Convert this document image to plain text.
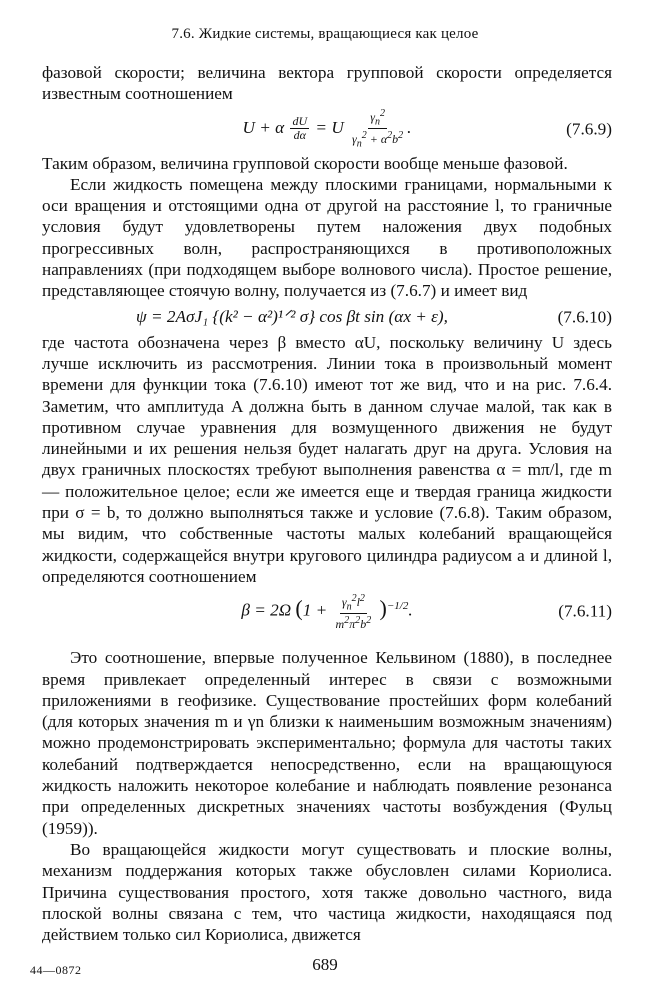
7.6. Жидкие системы, вращающиеся как целое

фазовой скорости; величина вектора групповой скорости определяется известным соотношением

U + α $\frac{dU}{d\alpha} = U \frac{\gamma_n^2}{\gamma_n^2 + \alpha^2b^2}$ .	(7.6.9)

Таким образом, величина групповой скорости вообще меньше фазовой.

Если жидкость помещена между плоскими границами, нормальными к оси вращения и отстоящими одна от другой на расстояние l, то граничные условия будут удовлетворены путем наложения двух подобных прогрессивных волн, распространяющихся в противоположных направлениях (при подходящем выборе волнового числа). Простое решение, представляющее стоячую волну, получается из (7.6.7) и имеет вид

ψ = 2AσJ₁ {(k² − α²)¹ᐟ² σ} cos βt sin (αx + ε),	(7.6.10)

где частота обозначена через β вместо αU, поскольку величину U здесь лучше исключить из рассмотрения. Линии тока в произвольный момент времени для функции тока (7.6.10) имеют тот же вид, что и на рис. 7.6.4. Заметим, что амплитуда A должна быть в данном случае малой, так как в противном случае уравнения для возмущенного движения не будут линейными и их решения нельзя будет налагать друг на друга. Условия на двух граничных плоскостях требуют выполнения равенства α = mπ/l, где m — положительное целое; если же имеется еще и твердая граница жидкости при σ = b, то должно выполняться также и условие (7.6.8). Таким образом, мы видим, что собственные частоты малых колебаний вращающейся жидкости, содержащейся внутри кругового цилиндра радиусом a и длиной l, определяются соотношением

β = 2Ω $(1 + \frac{\gamma_n^2l^2}{m^2\pi^2b^2} )^{-1/2}$.	(7.6.11)

Это соотношение, впервые полученное Кельвином (1880), в последнее время привлекает определенный интерес в связи с возможными приложениями в геофизике. Существование простейших форм колебаний (для которых значения m и γn близки к наименьшим возможным значениям) можно продемонстрировать экспериментально; формула для частоты таких колебаний подтверждается непосредственно, если на вращающуюся жидкость наложить некоторое колебание и наблюдать появление резонанса при определенных дискретных значениях частоты возбуждения (Фульц (1959)).

Во вращающейся жидкости могут существовать и плоские волны, механизм поддержания которых также обусловлен силами Кориолиса. Причина существования простого, хотя также довольно частного, вида плоской волны связана с тем, что частица жидкости, находящаяся под действием только сил Кориолиса, движется

44—0872	689
